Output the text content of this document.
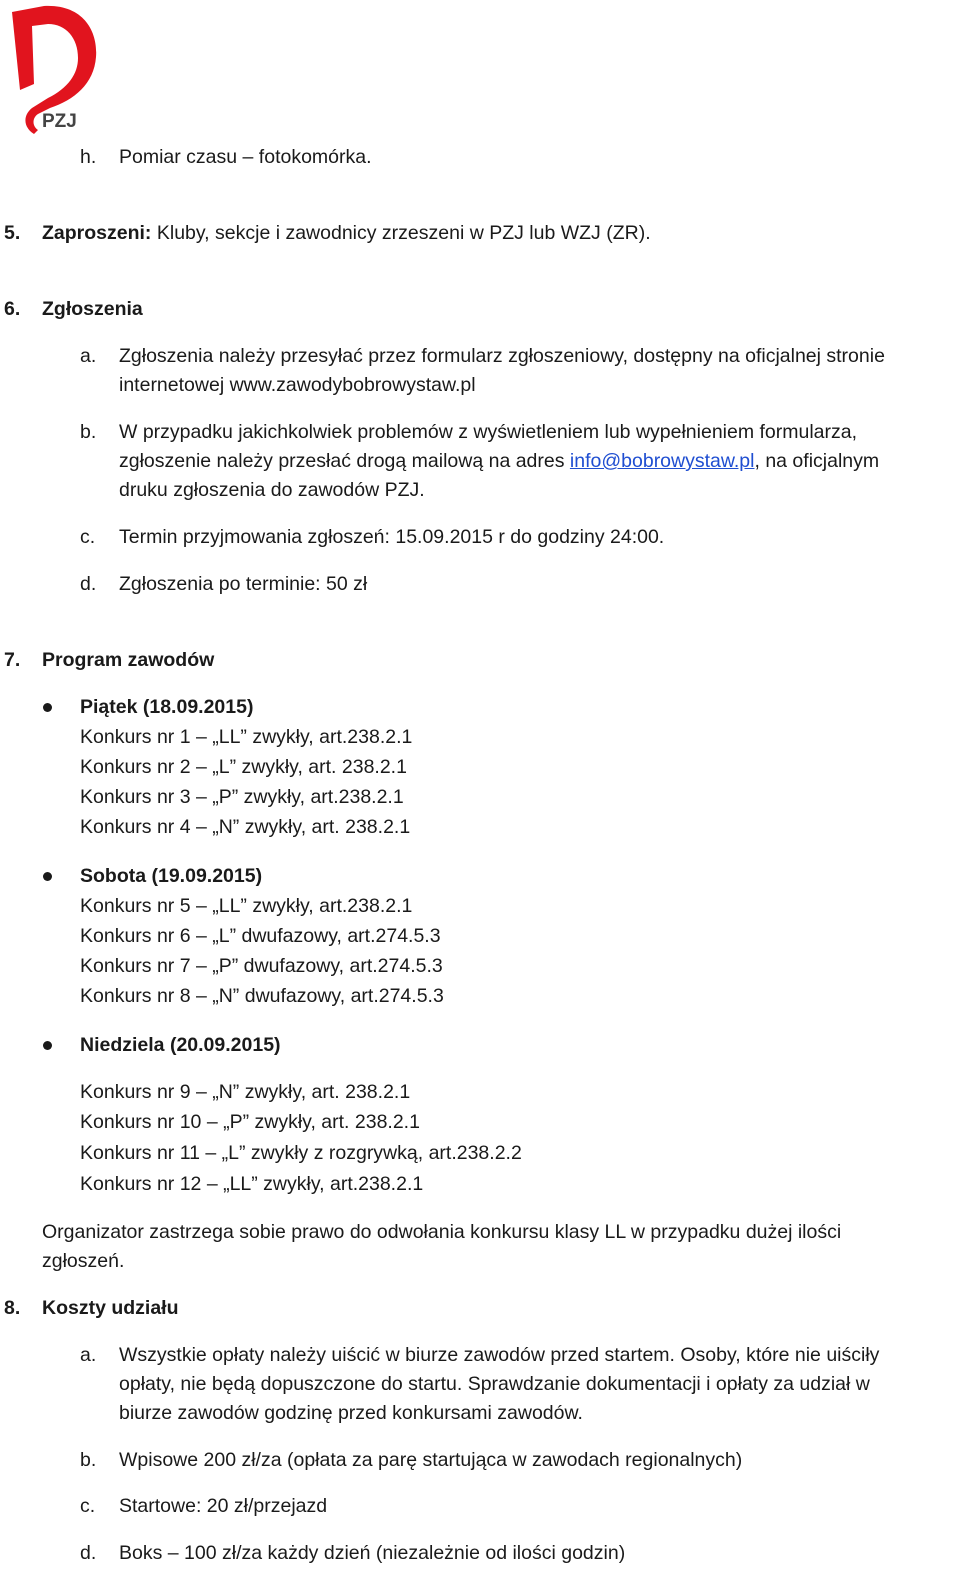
PZJ
h. Pomiar czasu – fotokomórka.
5. Zaproszeni: Kluby, sekcje i zawodnicy zrzeszeni w PZJ lub WZJ (ZR).
6. Zgłoszenia
a. Zgłoszenia należy przesyłać przez formularz zgłoszeniowy, dostępny na oficjalnej stronie
internetowej www.zawodybobrowystaw.pl
b. W przypadku jakichkolwiek problemów z wyświetleniem lub wypełnieniem formularza,
zgłoszenie należy przesłać drogą mailową na adres info@bobrowystaw.pl, na oficjalnym
druku zgłoszenia do zawodów PZJ.
c. Termin przyjmowania zgłoszeń: 15.09.2015 r do godziny 24:00.
d. Zgłoszenia po terminie: 50 zł
7. Program zawodów
Piątek (18.09.2015)
Konkurs nr 1 – „LL” zwykły, art.238.2.1
Konkurs nr 2 – „L” zwykły, art. 238.2.1
Konkurs nr 3 – „P” zwykły, art.238.2.1
Konkurs nr 4 – „N” zwykły, art. 238.2.1
Sobota (19.09.2015)
Konkurs nr 5 – „LL” zwykły, art.238.2.1
Konkurs nr 6 – „L” dwufazowy, art.274.5.3
Konkurs nr 7 – „P” dwufazowy, art.274.5.3
Konkurs nr 8 – „N” dwufazowy, art.274.5.3
Niedziela (20.09.2015)
Konkurs nr 9 – „N” zwykły, art. 238.2.1
Konkurs nr 10 – „P” zwykły, art. 238.2.1
Konkurs nr 11 – „L” zwykły z rozgrywką, art.238.2.2
Konkurs nr 12 – „LL” zwykły, art.238.2.1
Organizator zastrzega sobie prawo do odwołania konkursu klasy LL w przypadku dużej ilości
zgłoszeń.
8. Koszty udziału
a. Wszystkie opłaty należy uiścić w biurze zawodów przed startem. Osoby, które nie uiściły
opłaty, nie będą dopuszczone do startu. Sprawdzanie dokumentacji i opłaty za udział w
biurze zawodów godzinę przed konkursami zawodów.
b. Wpisowe 200 zł/za (opłata za parę startująca w zawodach regionalnych)
c. Startowe: 20 zł/przejazd
d. Boks – 100 zł/za każdy dzień (niezależnie od ilości godzin)
